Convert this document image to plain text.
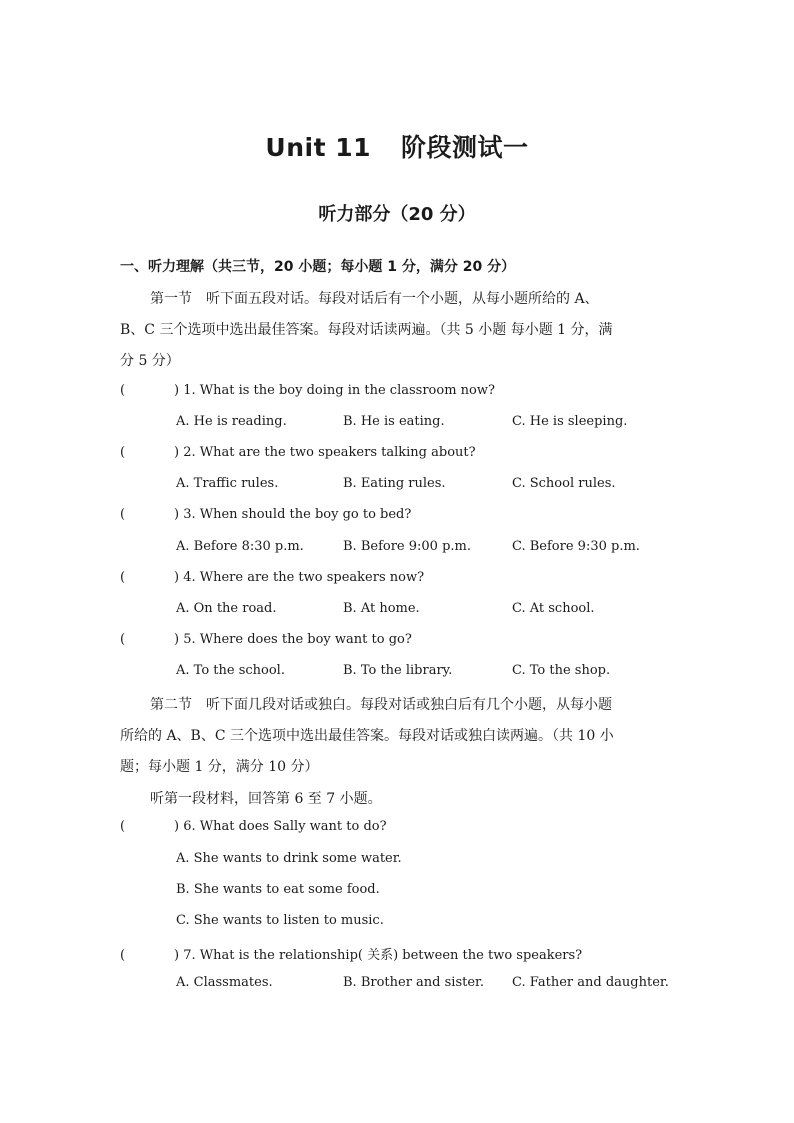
Unit 11 阶段测试一
听力部分（20 分）
一、听力理解（共三节，20 小题；每小题 1 分，满分 20 分）
第一节　听下面五段对话。每段对话后有一个小题，从每小题所给的 A、
B、C 三个选项中选出最佳答案。每段对话读两遍。（共 5 小题 每小题 1 分，满
分 5 分）
(	) 1. What is the boy doing in the classroom now?
A. He is reading.	B. He is eating.	C. He is sleeping.
(	) 2. What are the two speakers talking about?
A. Traffic rules.	B. Eating rules.	C. School rules.
(	) 3. When should the boy go to bed?
A. Before 8:30 p.m.	B. Before 9:00 p.m.	C. Before 9:30 p.m.
(	) 4. Where are the two speakers now?
A. On the road.	B. At home.	C. At school.
(	) 5. Where does the boy want to go?
A. To the school.	B. To the library.	C. To the shop.
第二节　听下面几段对话或独白。每段对话或独白后有几个小题，从每小题
所给的 A、B、C 三个选项中选出最佳答案。每段对话或独白读两遍。（共 10 小
题；每小题 1 分，满分 10 分）
听第一段材料，回答第 6 至 7 小题。
(	) 6. What does Sally want to do?
A. She wants to drink some water.
B. She wants to eat some food.
C. She wants to listen to music.
(	) 7. What is the relationship( 关系) between the two speakers?
A. Classmates.	B. Brother and sister. C. Father and daughter.
